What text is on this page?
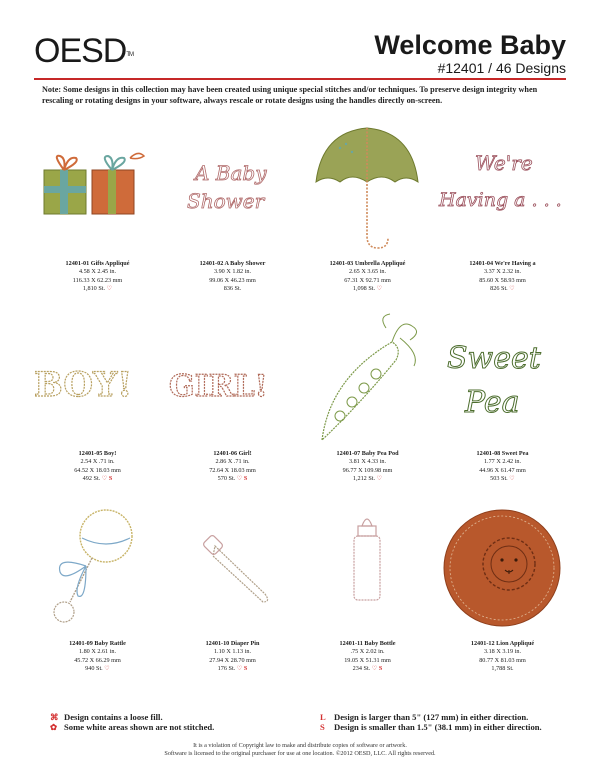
OESD™	Welcome Baby
#12401 / 46 Designs
Note: Some designs in this collection may have been created using unique special stitches and/or techniques. To preserve design integrity when rescaling or rotating designs in your software, always rescale or rotate designs using the handles directly on-screen.
12401-01 Gifts Appliqué
4.58 X 2.45 in.
116.33 X 62.23 mm
1,810 St. ♡
A Baby
Shower
12401-02 A Baby Shower
3.90 X 1.82 in.
99.06 X 46.23 mm
836 St.
12401-03 Umbrella Appliqué
2.65 X 3.65 in.
67.31 X 92.71 mm
1,098 St. ♡
We're
Having a . . .
12401-04 We're Having a
3.37 X 2.32 in.
85.60 X 58.93 mm
826 St. ♡
BOY!
12401-05 Boy!
2.54 X .71 in.
64.52 X 18.03 mm
492 St. ♡ S
GIRL!
12401-06 Girl!
2.86 X .71 in.
72.64 X 18.03 mm
570 St. ♡ S
12401-07 Baby Pea Pod
3.81 X 4.33 in.
96.77 X 109.98 mm
1,212 St. ♡
Sweet
Pea
12401-08 Sweet Pea
1.77 X 2.42 in.
44.96 X 61.47 mm
503 St. ♡
12401-09 Baby Rattle
1.80 X 2.61 in.
45.72 X 66.29 mm
940 St. ♡
12401-10 Diaper Pin
1.10 X 1.13 in.
27.94 X 28.70 mm
176 St. ♡ S
12401-11 Baby Bottle
.75 X 2.02 in.
19.05 X 51.31 mm
234 St. ♡ S
12401-12 Lion Appliqué
3.18 X 3.19 in.
80.77 X 81.03 mm
1,788 St.
⌘ Design contains a loose fill.	L Design is larger than 5" (127 mm) in either direction.
✿ Some white areas shown are not stitched.	S Design is smaller than 1.5" (38.1 mm) in either direction.
It is a violation of Copyright law to make and distribute copies of software or artwork.
Software is licensed to the original purchaser for use at one location. ©2012 OESD, LLC. All rights reserved.
